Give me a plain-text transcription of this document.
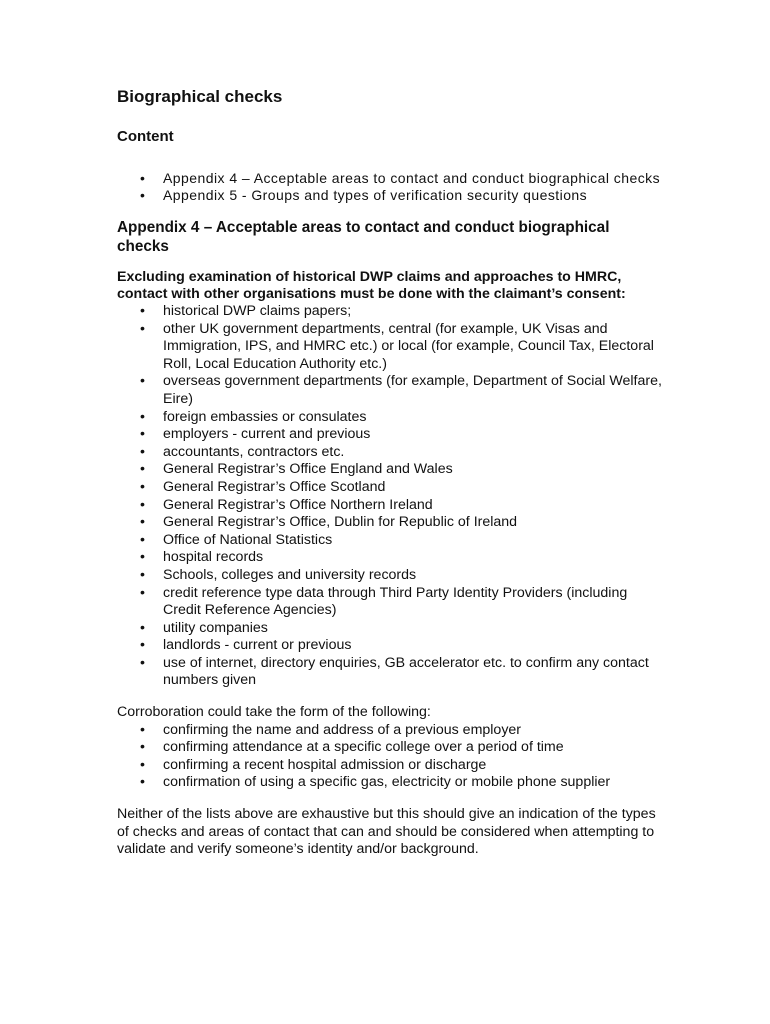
Biographical checks
Content
• Appendix 4 – Acceptable areas to contact and conduct biographical checks
• Appendix 5 - Groups and types of verification security questions
Appendix 4 – Acceptable areas to contact and conduct biographical checks

Excluding examination of historical DWP claims and approaches to HMRC, contact with other organisations must be done with the claimant’s consent:

• historical DWP claims papers;
• other UK government departments, central (for example, UK Visas and Immigration, IPS, and HMRC etc.) or local (for example, Council Tax, Electoral Roll, Local Education Authority etc.)
• overseas government departments (for example, Department of Social Welfare, Eire)
• foreign embassies or consulates
• employers - current and previous
• accountants, contractors etc.
• General Registrar’s Office England and Wales
• General Registrar’s Office Scotland
• General Registrar’s Office Northern Ireland
• General Registrar’s Office, Dublin for Republic of Ireland
• Office of National Statistics
• hospital records
• Schools, colleges and university records
• credit reference type data through Third Party Identity Providers (including Credit Reference Agencies)
• utility companies
• landlords - current or previous
• use of internet, directory enquiries, GB accelerator etc. to confirm any contact numbers given

Corroboration could take the form of the following:

• confirming the name and address of a previous employer
• confirming attendance at a specific college over a period of time
• confirming a recent hospital admission or discharge
• confirmation of using a specific gas, electricity or mobile phone supplier

Neither of the lists above are exhaustive but this should give an indication of the types of checks and areas of contact that can and should be considered when attempting to validate and verify someone’s identity and/or background.
